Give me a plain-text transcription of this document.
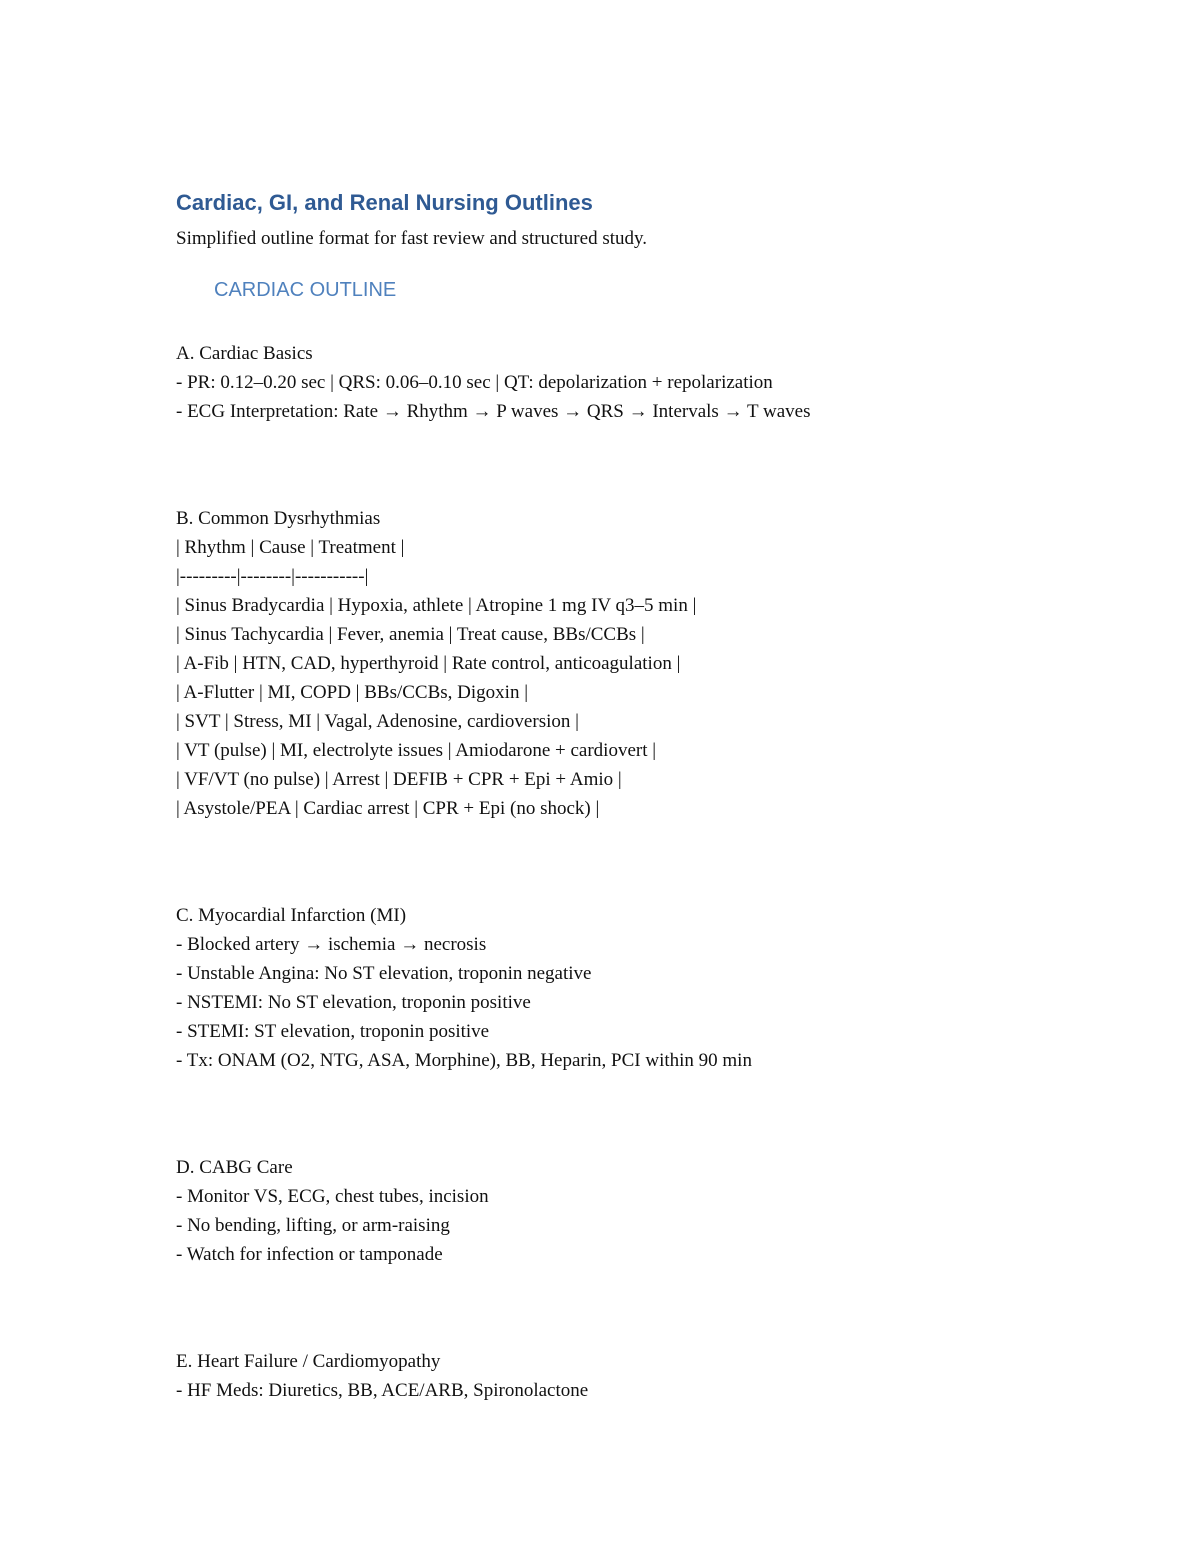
Cardiac, GI, and Renal Nursing Outlines
Simplified outline format for fast review and structured study.
CARDIAC OUTLINE
A. Cardiac Basics
- PR: 0.12–0.20 sec | QRS: 0.06–0.10 sec | QT: depolarization + repolarization
- ECG Interpretation: Rate → Rhythm → P waves → QRS → Intervals → T waves
B. Common Dysrhythmias
| Rhythm | Cause | Treatment |
|---------|--------|-----------|
| Sinus Bradycardia | Hypoxia, athlete | Atropine 1 mg IV q3–5 min |
| Sinus Tachycardia | Fever, anemia | Treat cause, BBs/CCBs |
| A-Fib | HTN, CAD, hyperthyroid | Rate control, anticoagulation |
| A-Flutter | MI, COPD | BBs/CCBs, Digoxin |
| SVT | Stress, MI | Vagal, Adenosine, cardioversion |
| VT (pulse) | MI, electrolyte issues | Amiodarone + cardiovert |
| VF/VT (no pulse) | Arrest | DEFIB + CPR + Epi + Amio |
| Asystole/PEA | Cardiac arrest | CPR + Epi (no shock) |
C. Myocardial Infarction (MI)
- Blocked artery → ischemia → necrosis
- Unstable Angina: No ST elevation, troponin negative
- NSTEMI: No ST elevation, troponin positive
- STEMI: ST elevation, troponin positive
- Tx: ONAM (O2, NTG, ASA, Morphine), BB, Heparin, PCI within 90 min
D. CABG Care
- Monitor VS, ECG, chest tubes, incision
- No bending, lifting, or arm-raising
- Watch for infection or tamponade
E. Heart Failure / Cardiomyopathy
- HF Meds: Diuretics, BB, ACE/ARB, Spironolactone
